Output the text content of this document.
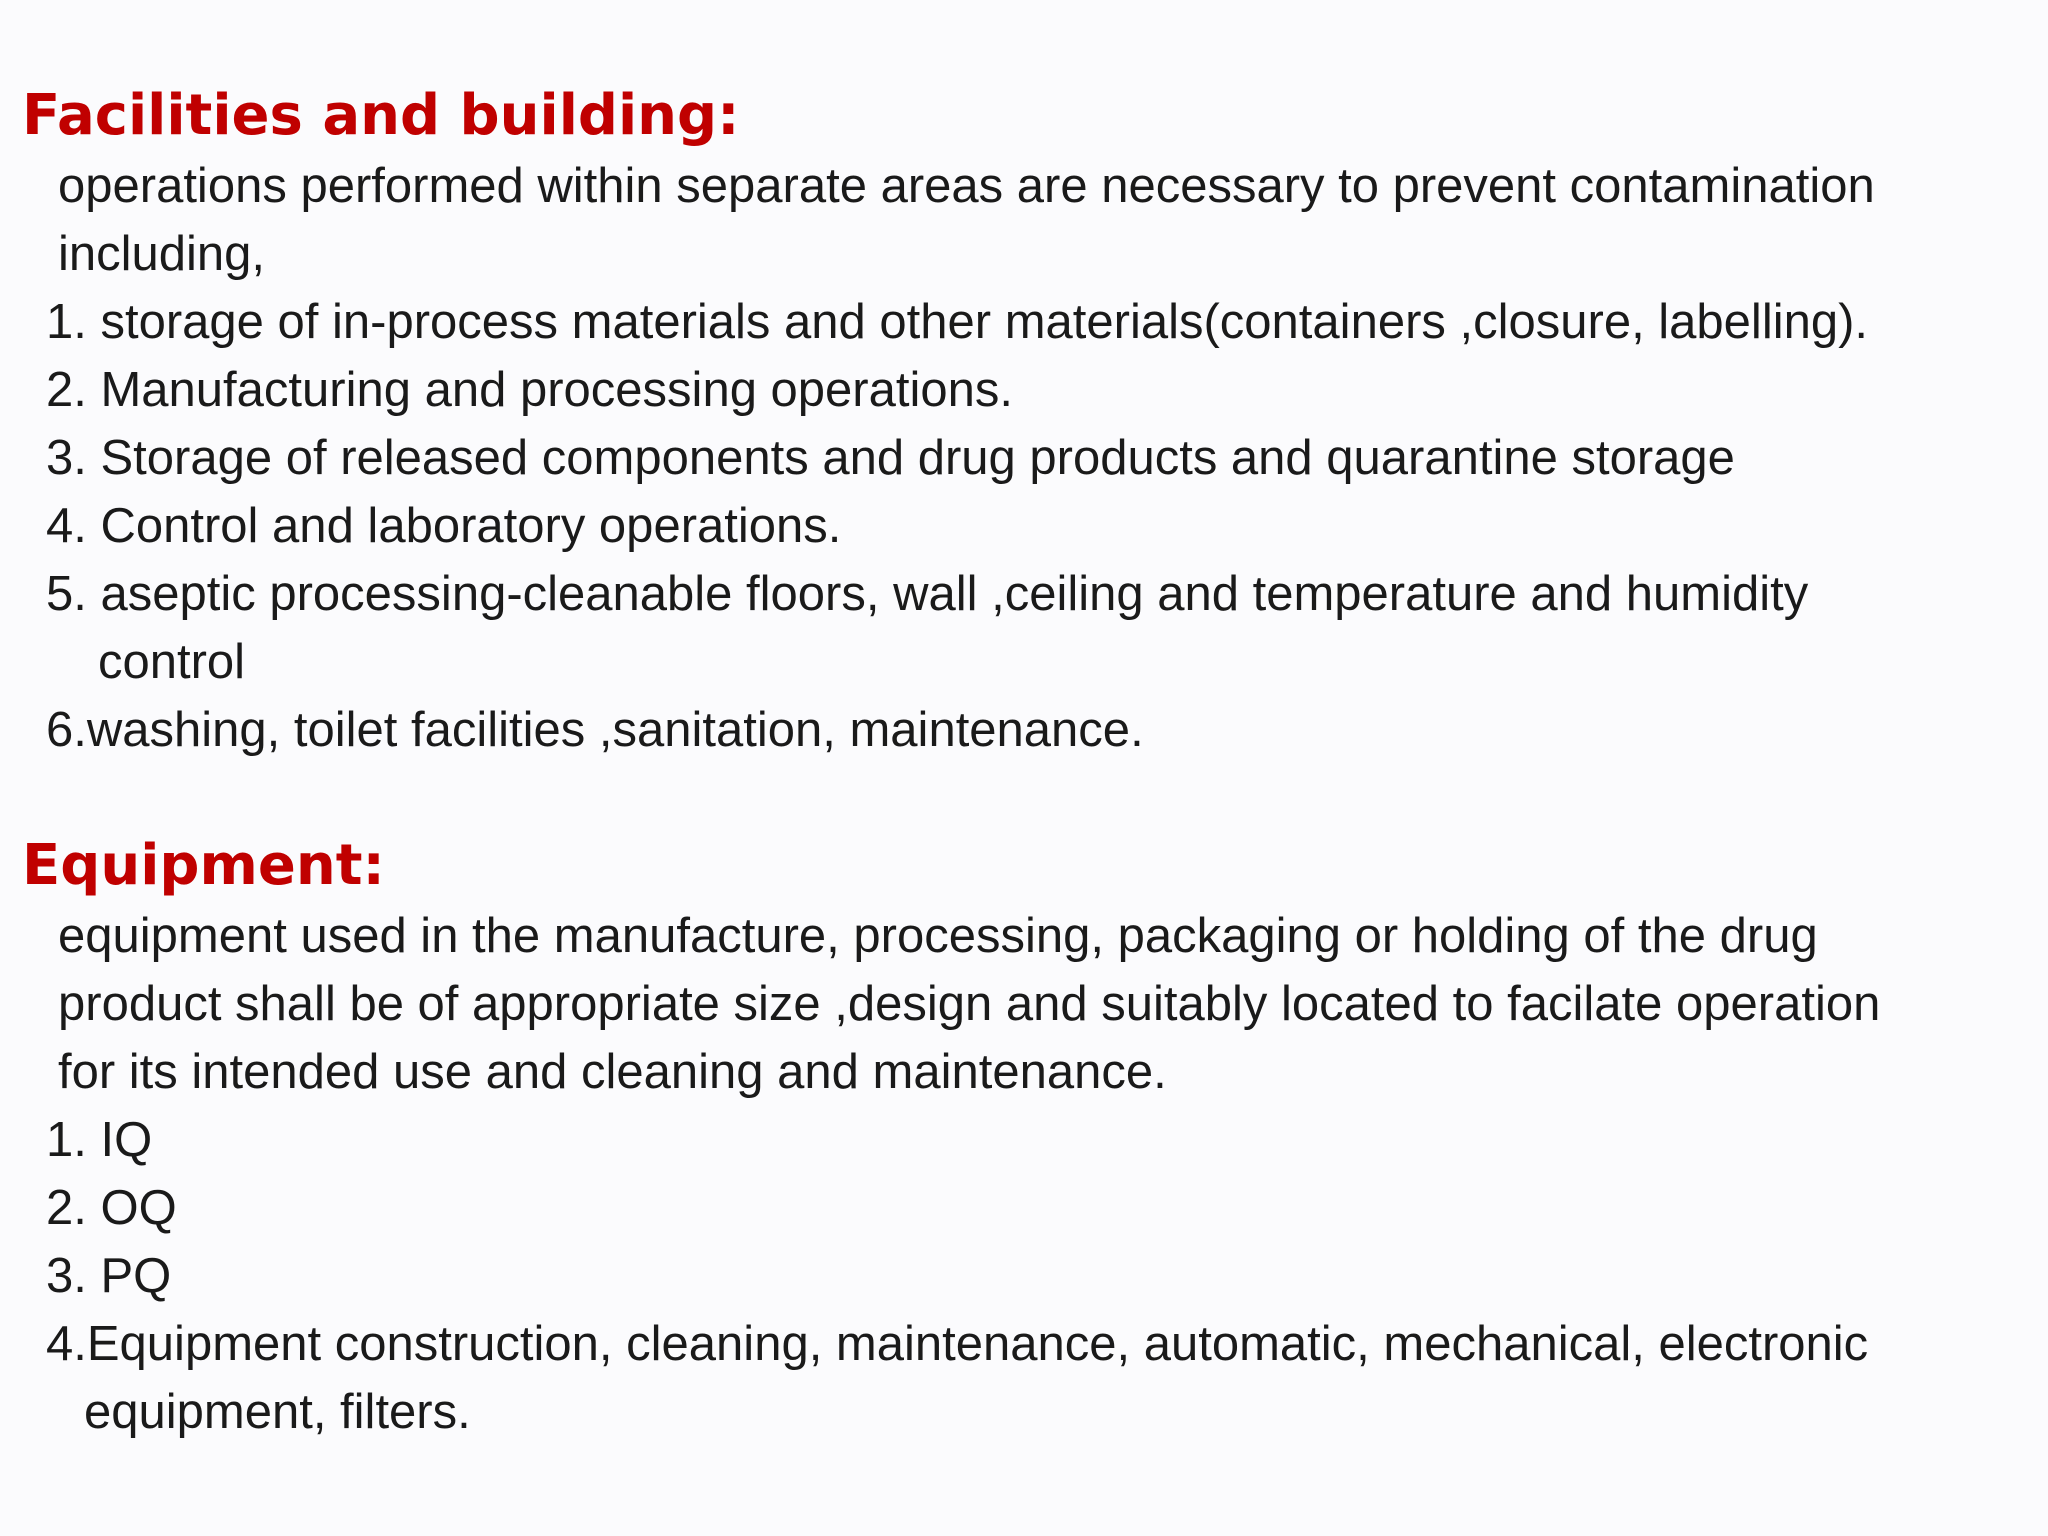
Facilities and building:
operations performed within separate areas are necessary to prevent contamination
including,
1. storage of in-process materials and other materials(containers ,closure, labelling).
2. Manufacturing and processing operations.
3. Storage of released components and drug products and quarantine storage
4. Control and laboratory operations.
5. aseptic processing-cleanable floors, wall ,ceiling and temperature and humidity
control
6.washing, toilet facilities ,sanitation, maintenance.
Equipment:
equipment used in the manufacture, processing, packaging or holding of the drug
product shall be of appropriate size ,design and suitably located to facilate operation
for its intended use and cleaning and maintenance.
1. IQ
2. OQ
3. PQ
4.Equipment construction, cleaning, maintenance, automatic, mechanical, electronic
equipment, filters.
